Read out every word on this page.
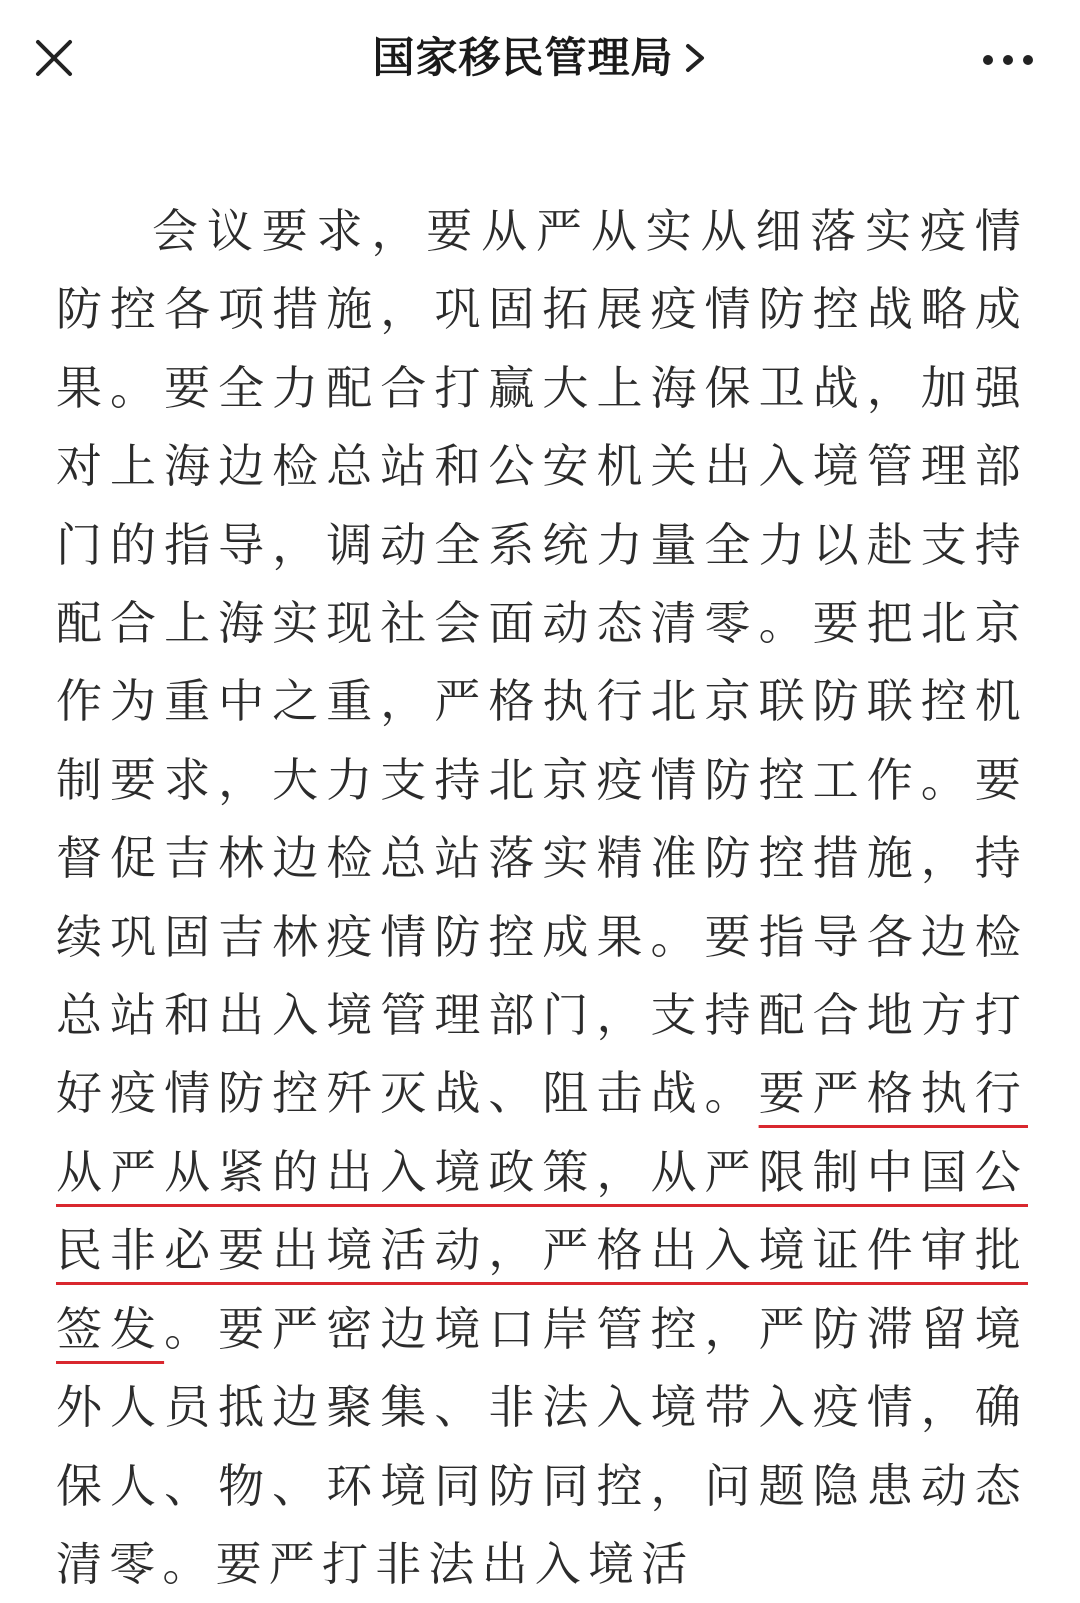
国家移民管理局

会议要求，要从严从实从细落实疫情防控各项措施，巩固拓展疫情防控战略成果。要全力配合打赢大上海保卫战，加强对上海边检总站和公安机关出入境管理部门的指导，调动全系统力量全力以赴支持配合上海实现社会面动态清零。要把北京作为重中之重，严格执行北京联防联控机制要求，大力支持北京疫情防控工作。要督促吉林边检总站落实精准防控措施，持续巩固吉林疫情防控成果。要指导各边检总站和出入境管理部门，支持配合地方打好疫情防控歼灭战、阻击战。要严格执行从严从紧的出入境政策，从严限制中国公民非必要出境活动，严格出入境证件审批签发。要严密边境口岸管控，严防滞留境外人员抵边聚集、非法入境带入疫情，确保人、物、环境同防同控，问题隐患动态清零。要严打非法出入境活
